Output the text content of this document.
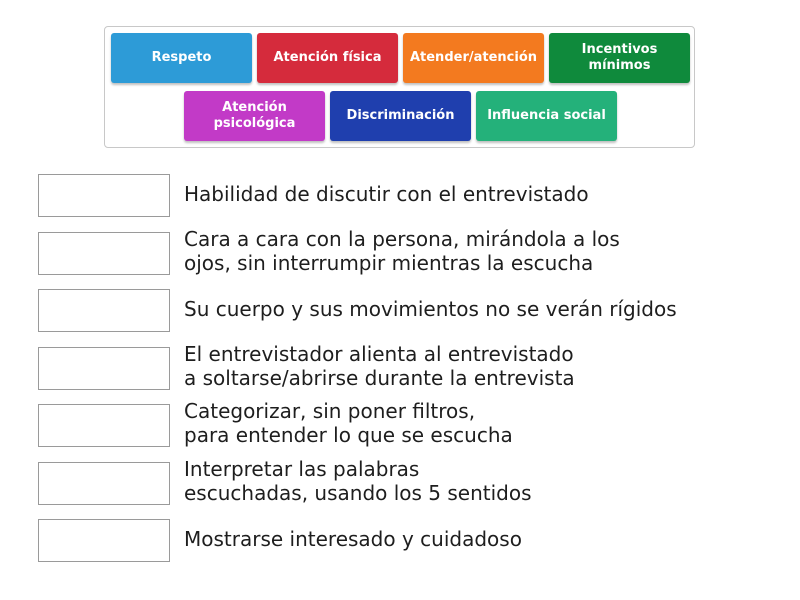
Respeto	Atención física	Atender/atención
Incentivos
mínimos
Atención
psicológica
Discriminación	Influencia social
Habilidad de discutir con el entrevistado
Cara a cara con la persona, mirándola a los
ojos, sin interrumpir mientras la escucha
Su cuerpo y sus movimientos no se verán rígidos
El entrevistador alienta al entrevistado
a soltarse/abrirse durante la entrevista
Categorizar, sin poner filtros,
para entender lo que se escucha
Interpretar las palabras
escuchadas, usando los 5 sentidos
Mostrarse interesado y cuidadoso
